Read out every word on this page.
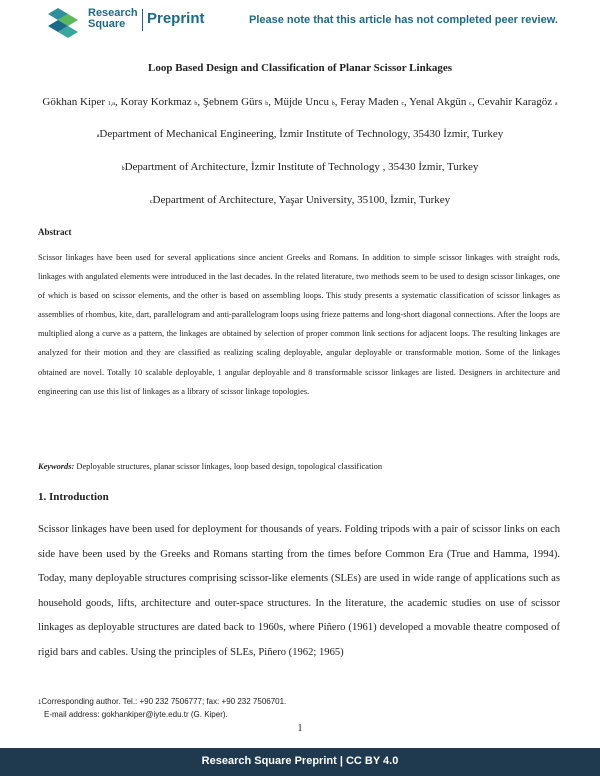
Research
Square	Preprint	Please note that this article has not completed peer review.
Loop Based Design and Classification of Planar Scissor Linkages
Gökhan Kiper 1,a, Koray Korkmaz b, Şebnem Gürs b, Müjde Uncu b, Feray Maden c, Yenal Akgün c, Cevahir Karagöz a
aDepartment of Mechanical Engineering, İzmir Institute of Technology, 35430 İzmir, Turkey
bDepartment of Architecture, İzmir Institute of Technology , 35430 İzmir, Turkey
cDepartment of Architecture, Yaşar University, 35100, İzmir, Turkey
Abstract
Scissor linkages have been used for several applications since ancient Greeks and Romans. In addition to simple scissor linkages with straight rods, linkages with angulated elements were introduced in the last decades. In the related literature, two methods seem to be used to design scissor linkages, one of which is based on scissor elements, and the other is based on assembling loops. This study presents a systematic classification of scissor linkages as assemblies of rhombus, kite, dart, parallelogram and anti-parallelogram loops using frieze patterns and long-short diagonal connections. After the loops are multiplied along a curve as a pattern, the linkages are obtained by selection of proper common link sections for adjacent loops. The resulting linkages are analyzed for their motion and they are classified as realizing scaling deployable, angular deployable or transformable motion. Some of the linkages obtained are novel. Totally 10 scalable deployable, 1 angular deployable and 8 transformable scissor linkages are listed. Designers in architecture and engineering can use this list of linkages as a library of scissor linkage topologies.
Keywords: Deployable structures, planar scissor linkages, loop based design, topological classification
1. Introduction
Scissor linkages have been used for deployment for thousands of years. Folding tripods with a pair of scissor links on each side have been used by the Greeks and Romans starting from the times before Common Era (True and Hamma, 1994). Today, many deployable structures comprising scissor-like elements (SLEs) are used in wide range of applications such as household goods, lifts, architecture and outer-space structures. In the literature, the academic studies on use of scissor linkages as deployable structures are dated back to 1960s, where Piñero (1961) developed a movable theatre composed of rigid bars and cables. Using the principles of SLEs, Piñero (1962; 1965)
1Corresponding author. Tel.: +90 232 7506777; fax: +90 232 7506701.
E-mail address: gokhankiper@iyte.edu.tr (G. Kiper).
1
Research Square Preprint | CC BY 4.0
